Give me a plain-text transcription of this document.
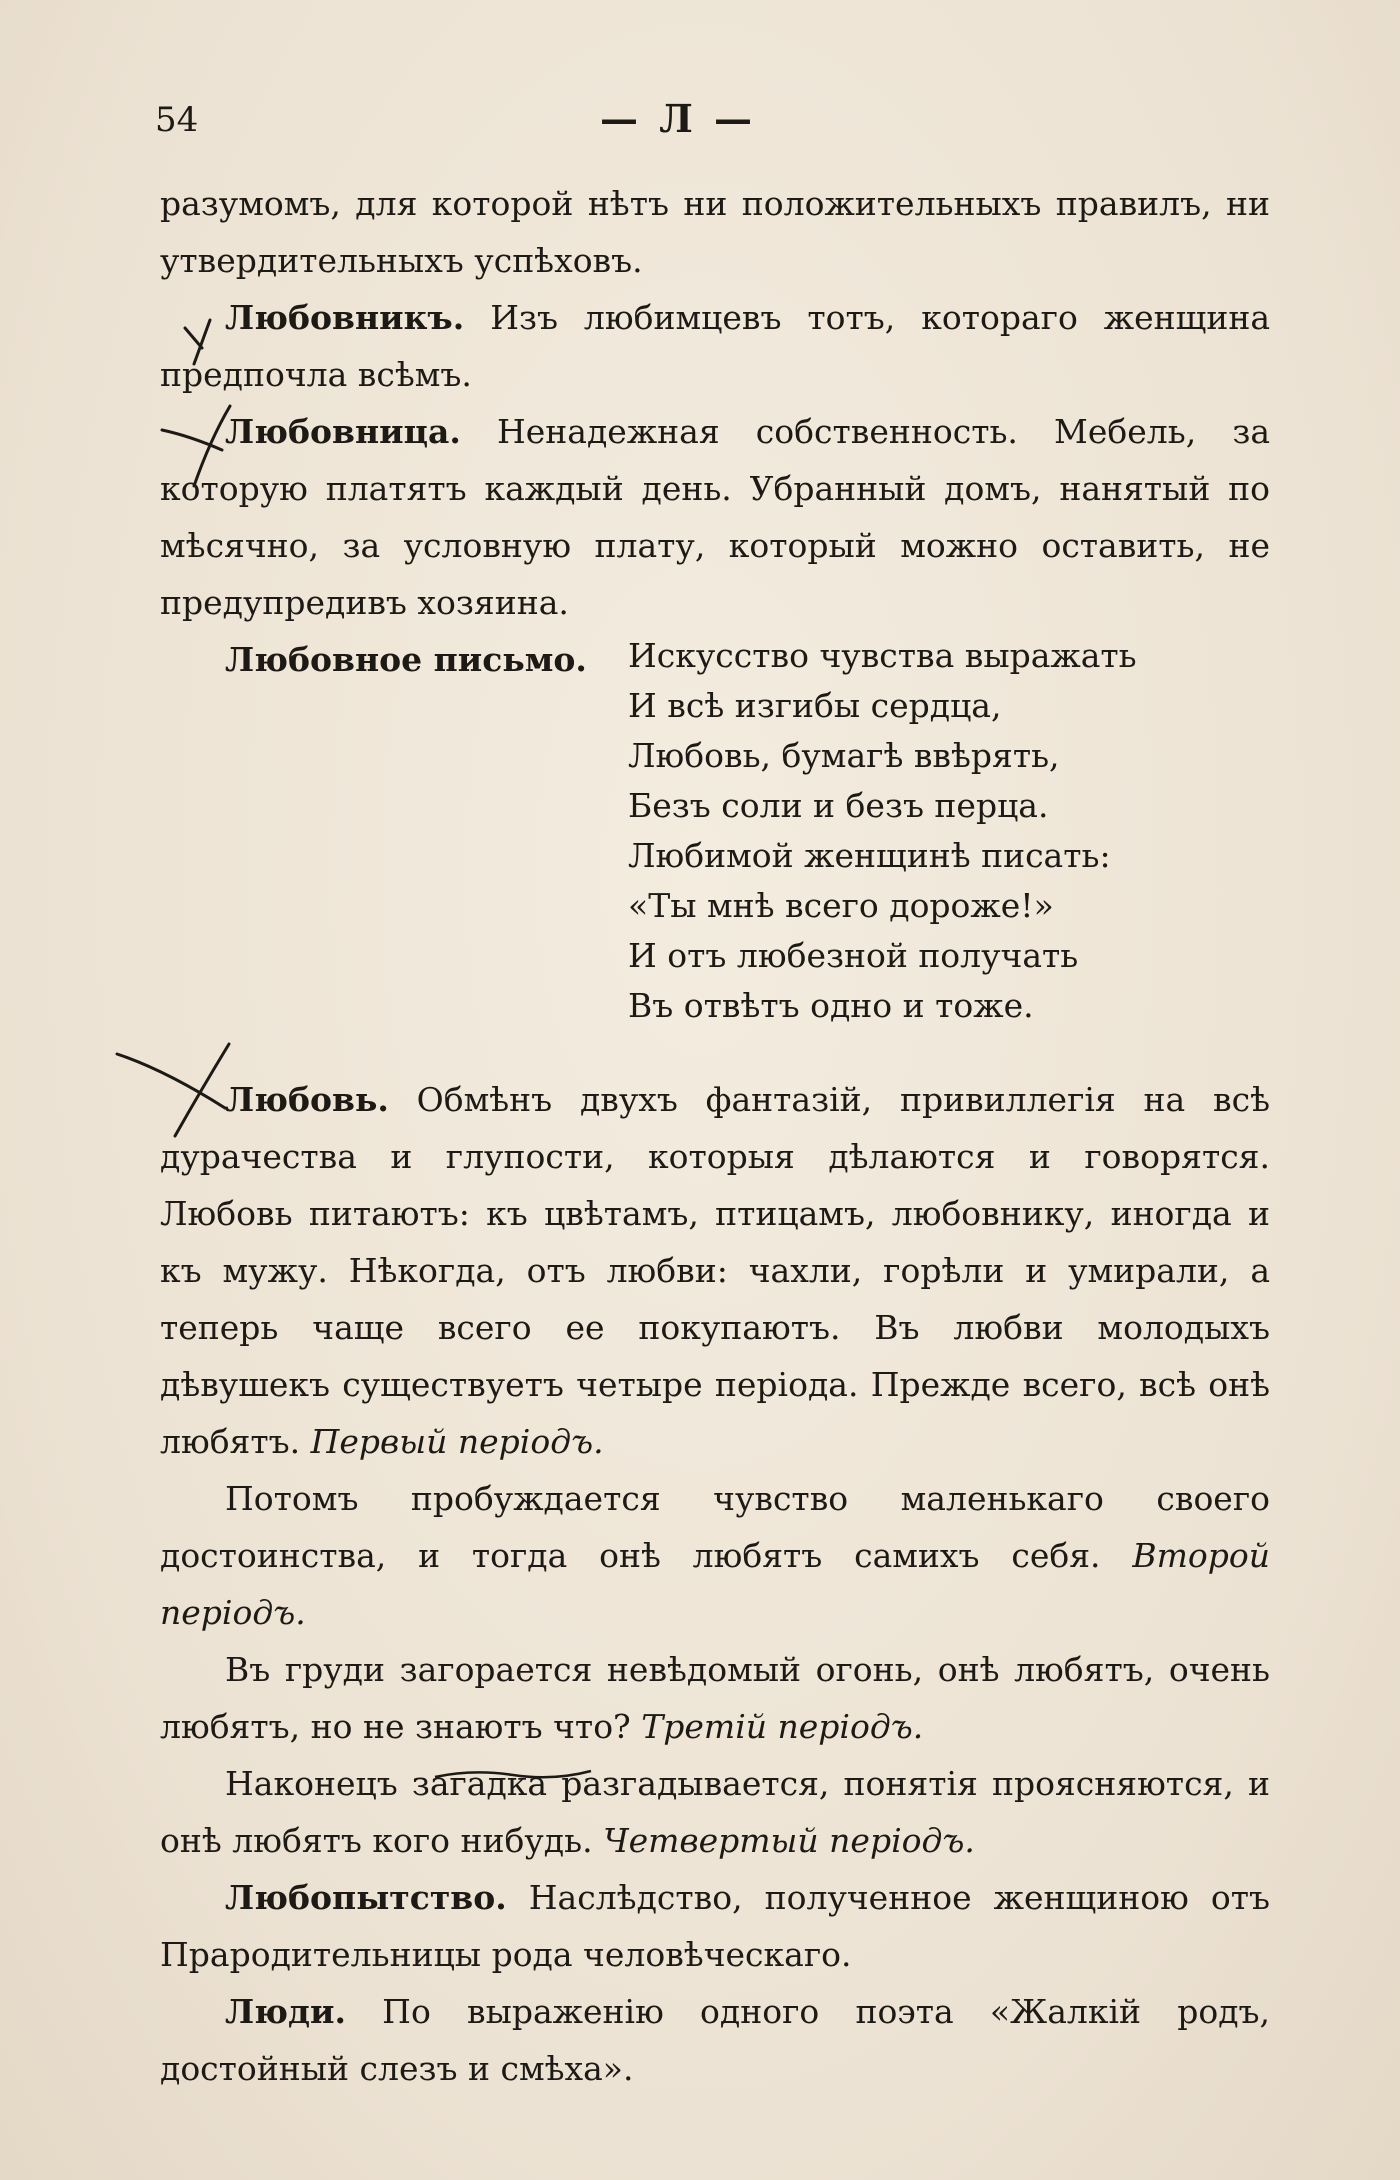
54	— Л —

разумомъ, для которой нѣтъ ни положительныхъ правилъ, ни утвердительныхъ успѣховъ.

Любовникъ. Изъ любимцевъ тотъ, котораго женщина предпочла всѣмъ.

Любовница. Ненадежная собственность. Мебель, за которую платятъ каждый день. Убранный домъ, нанятый по мѣсячно, за условную плату, который можно оставить, не предупредивъ хозяина.

Любовное письмо. Искусство чувства выражать
И всѣ изгибы сердца,
Любовь, бумагѣ ввѣрять,
Безъ соли и безъ перца.
Любимой женщинѣ писать:
«Ты мнѣ всего дороже!»
И отъ любезной получать
Въ отвѣтъ одно и тоже.

Любовь. Обмѣнъ двухъ фантазій, привиллегія на всѣ дурачества и глупости, которыя дѣлаются и говорятся. Любовь питаютъ: къ цвѣтамъ, птицамъ, любовнику, иногда и къ мужу. Нѣкогда, отъ любви: чахли, горѣли и умирали, а теперь чаще всего ее покупаютъ. Въ любви молодыхъ дѣвушекъ существуетъ четыре періода. Прежде всего, всѣ онѣ любятъ. Первый періодъ.

Потомъ пробуждается чувство маленькаго своего достоинства, и тогда онѣ любятъ самихъ себя. Второй періодъ.

Въ груди загорается невѣдомый огонь, онѣ любятъ, очень любятъ, но не знаютъ что? Третій періодъ.

Наконецъ загадка разгадывается, понятія проясняются, и онѣ любятъ кого нибудь. Четвертый періодъ.

Любопытство. Наслѣдство, полученное женщиною отъ Прародительницы рода человѣческаго.

Люди. По выраженію одного поэта «Жалкій родъ, достойный слезъ и смѣха».
